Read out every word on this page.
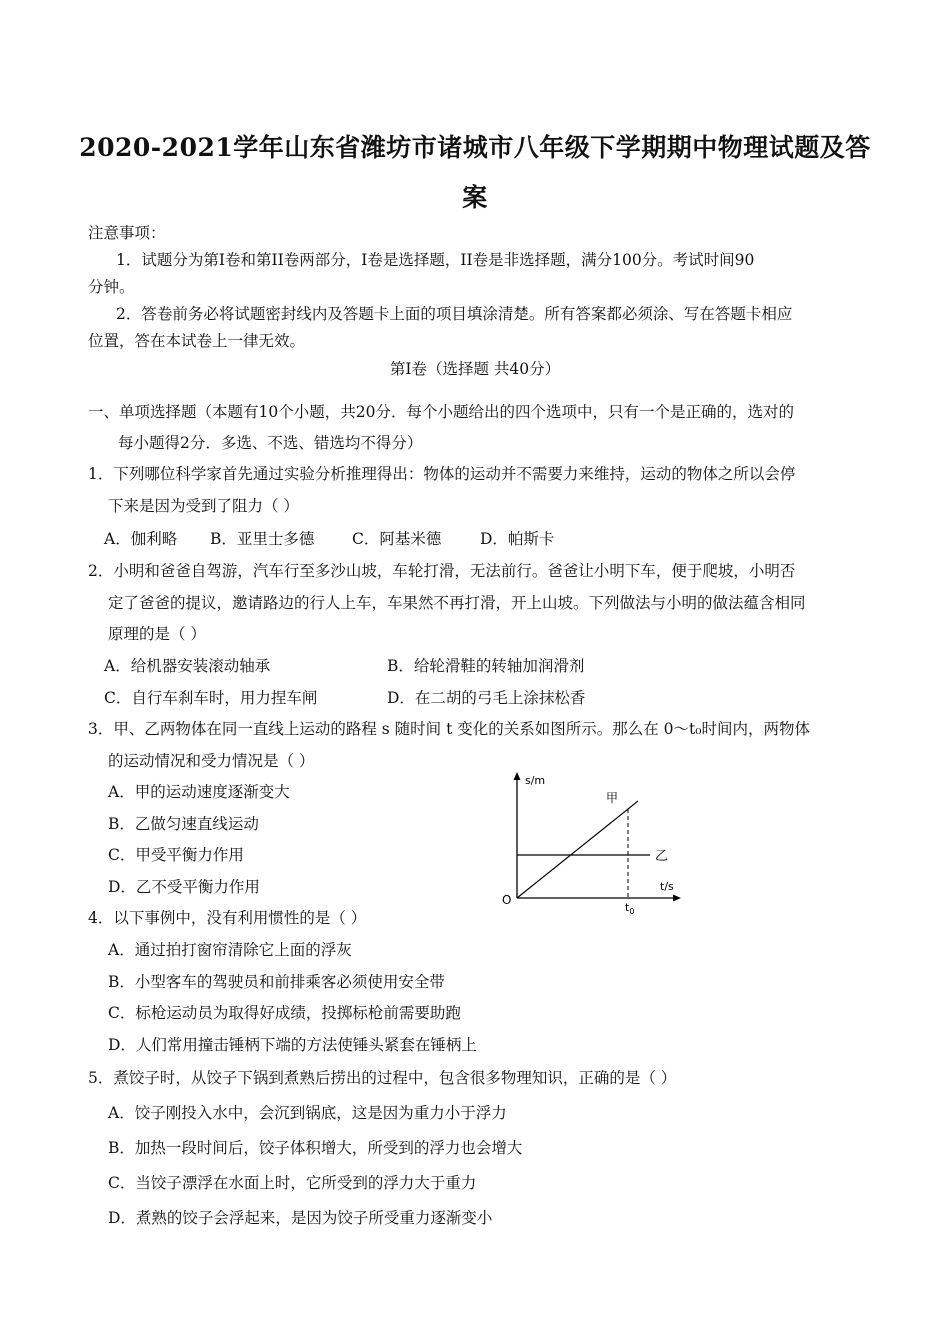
2020-2021学年山东省潍坊市诸城市八年级下学期期中物理试题及答
案
注意事项：
1．试题分为第Ⅰ卷和第II卷两部分，Ⅰ卷是选择题，II卷是非选择题，满分100分。考试时间90
分钟。
2．答卷前务必将试题密封线内及答题卡上面的项目填涂清楚。所有答案都必须涂、写在答题卡相应
位置，答在本试卷上一律无效。
第Ⅰ卷（选择题 共40分）
一、单项选择题（本题有10个小题，共20分．每个小题给出的四个选项中，只有一个是正确的，选对的
每小题得2分．多选、不选、错选均不得分）
1．下列哪位科学家首先通过实验分析推理得出：物体的运动并不需要力来维持，运动的物体之所以会停
下来是因为受到了阻力（ ）
A．伽利略 B．亚里士多德 C．阿基米德 D．帕斯卡
2．小明和爸爸自驾游，汽车行至多沙山坡，车轮打滑，无法前行。爸爸让小明下车，便于爬坡，小明否
定了爸爸的提议，邀请路边的行人上车，车果然不再打滑，开上山坡。下列做法与小明的做法蕴含相同
原理的是（ ）
A．给机器安装滚动轴承	B．给轮滑鞋的转轴加润滑剂
C．自行车刹车时，用力捏车闸	D．在二胡的弓毛上涂抹松香
3．甲、乙两物体在同一直线上运动的路程 s 随时间 t 变化的关系如图所示。那么在 0～t₀时间内，两物体
的运动情况和受力情况是（ ）
A．甲的运动速度逐渐变大
B．乙做匀速直线运动
C．甲受平衡力作用
D．乙不受平衡力作用
s/m
t/s
O
甲
乙
$t_0$
4．以下事例中，没有利用惯性的是（ ）
A．通过拍打窗帘清除它上面的浮灰
B．小型客车的驾驶员和前排乘客必须使用安全带
C．标枪运动员为取得好成绩，投掷标枪前需要助跑
D．人们常用撞击锤柄下端的方法使锤头紧套在锤柄上
5．煮饺子时，从饺子下锅到煮熟后捞出的过程中，包含很多物理知识，正确的是（ ）
A．饺子刚投入水中，会沉到锅底，这是因为重力小于浮力
B．加热一段时间后，饺子体积增大，所受到的浮力也会增大
C．当饺子漂浮在水面上时，它所受到的浮力大于重力
D．煮熟的饺子会浮起来，是因为饺子所受重力逐渐变小
